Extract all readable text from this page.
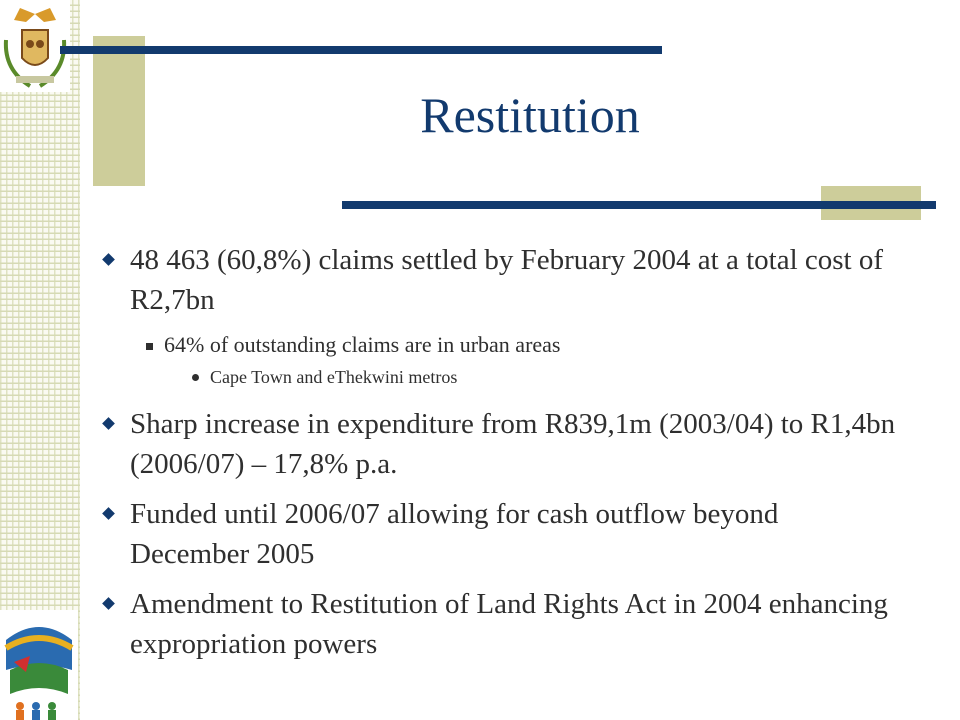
Restitution
48 463 (60,8%) claims settled by February 2004 at a total cost of R2,7bn
64% of outstanding claims are in urban areas
Cape Town and eThekwini metros
Sharp increase in expenditure from R839,1m (2003/04) to R1,4bn (2006/07) – 17,8% p.a.
Funded until 2006/07 allowing for cash outflow beyond December 2005
Amendment to Restitution of Land Rights Act in 2004 enhancing expropriation powers
